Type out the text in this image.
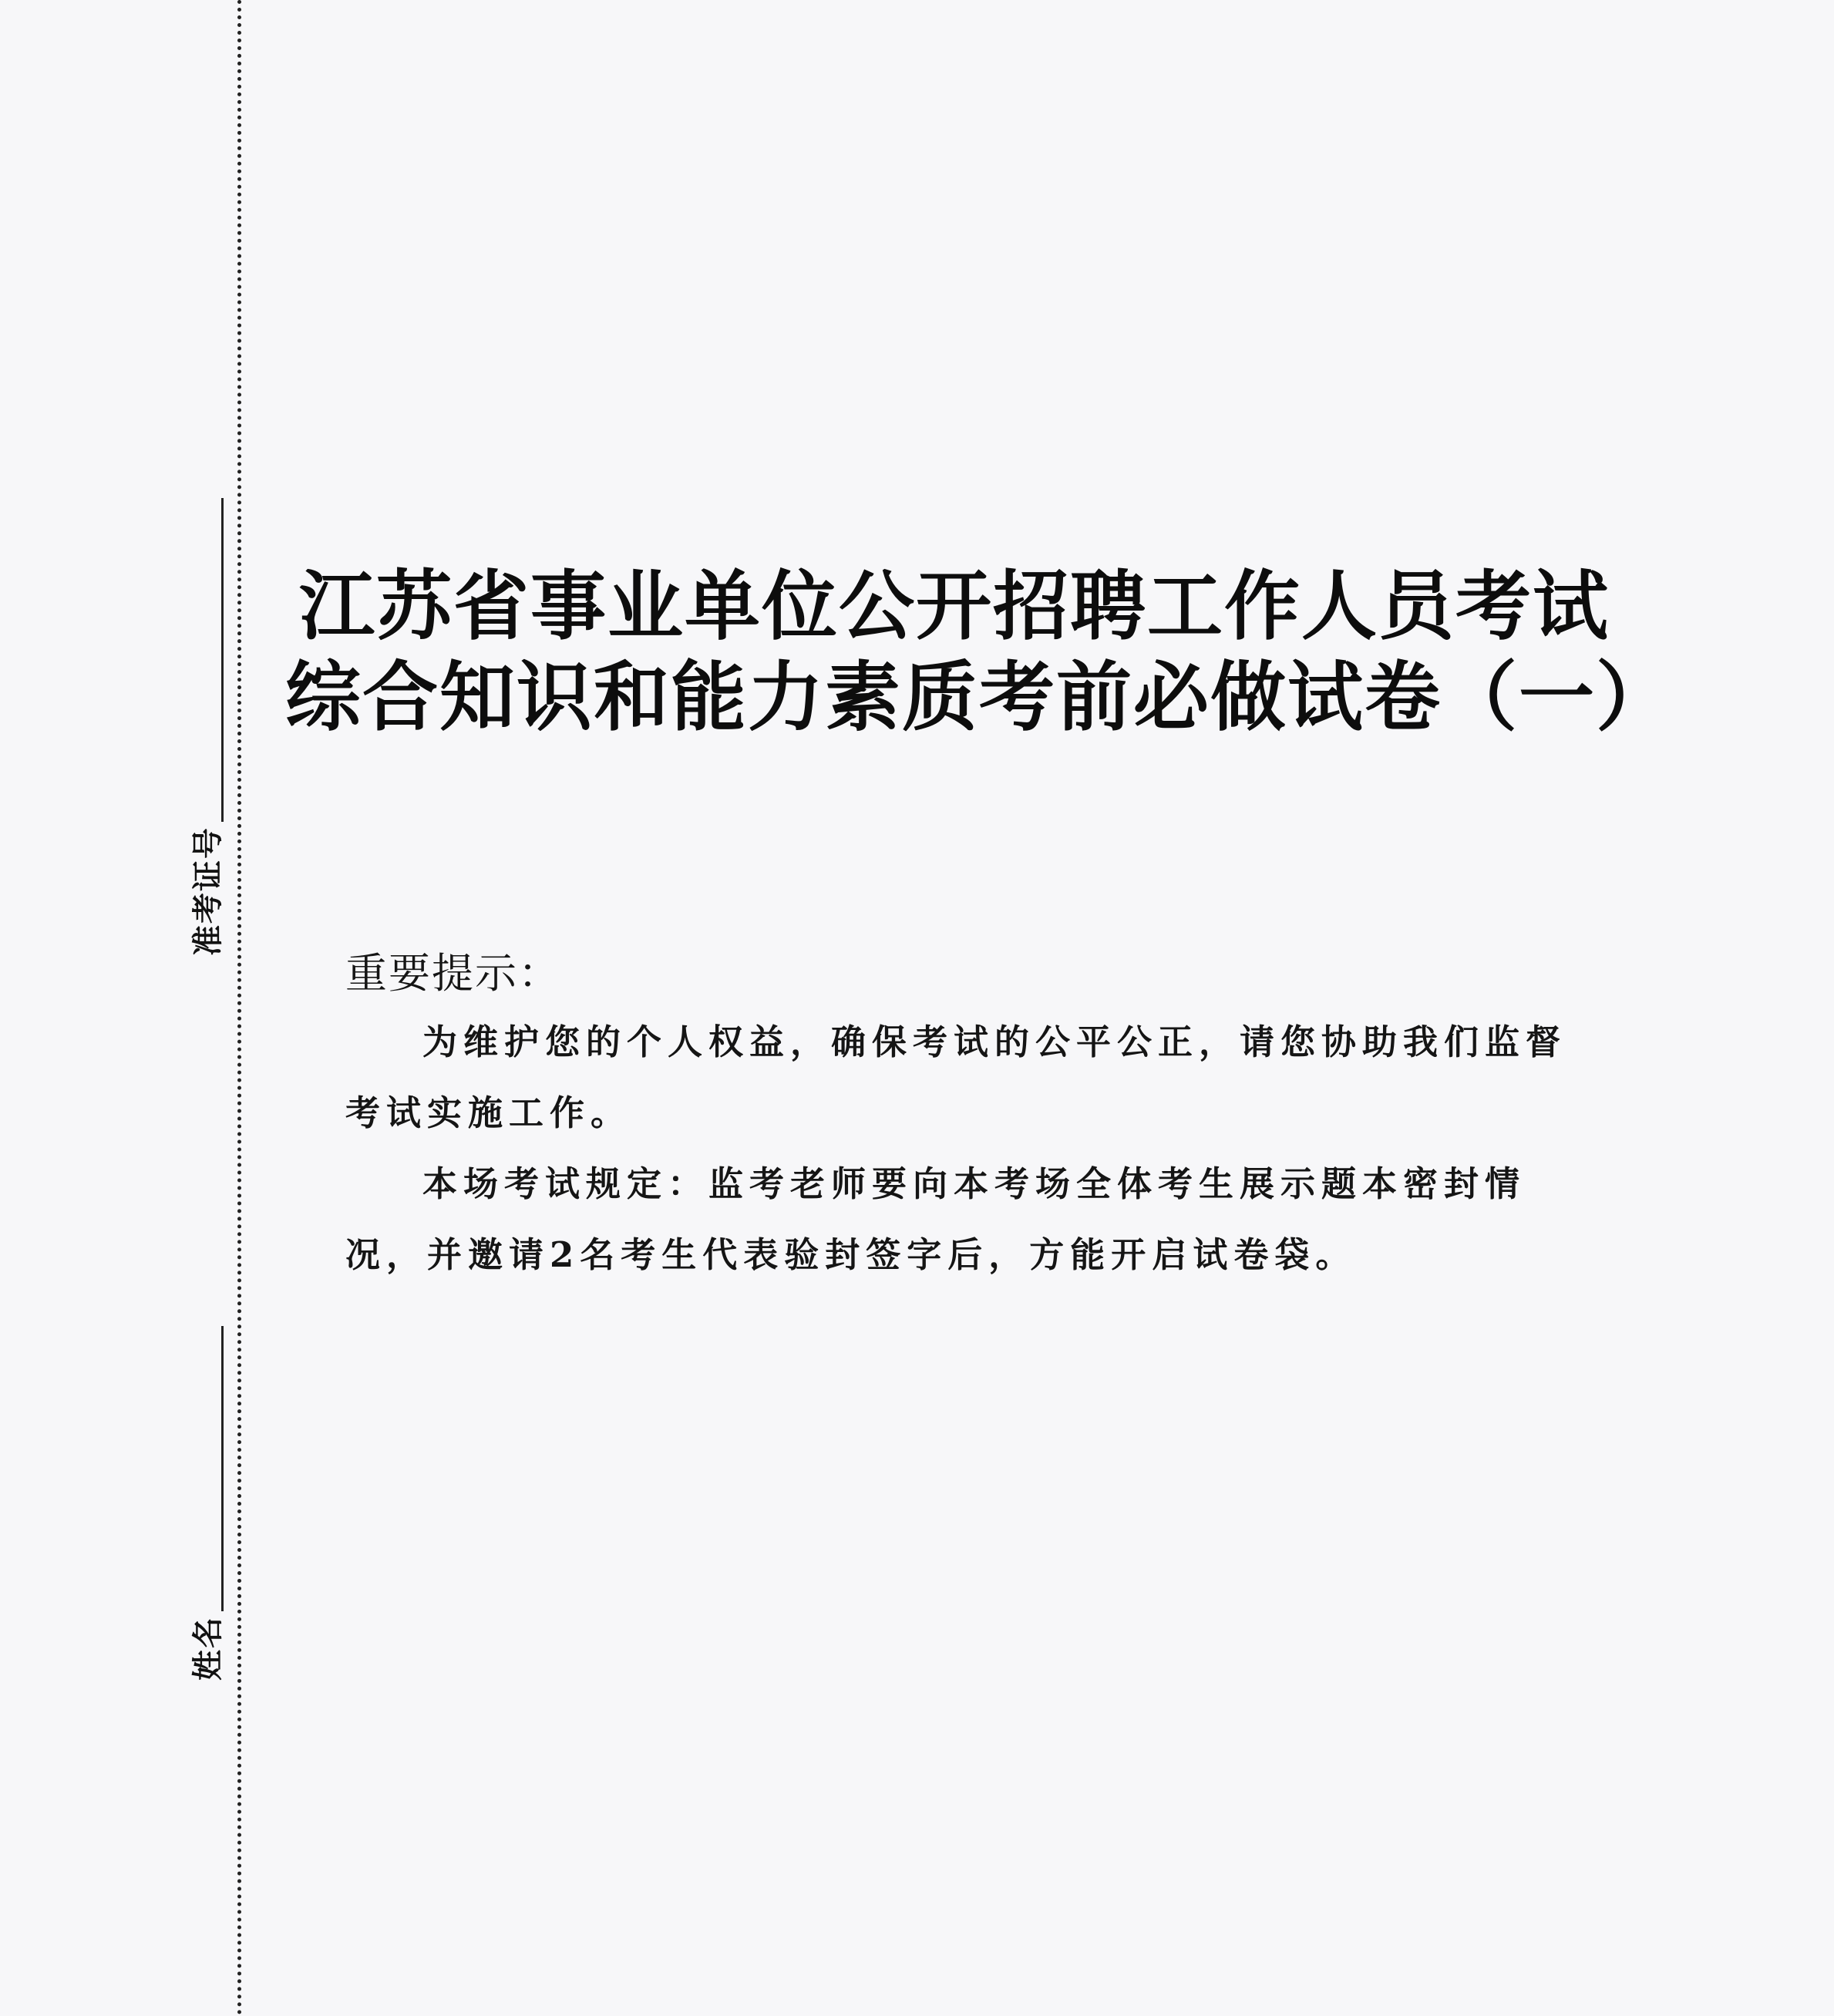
准考证号
姓名
江苏省事业单位公开招聘工作人员考试
综合知识和能力素质考前必做试卷（一）
重要提示：

为维护您的个人权益，确保考试的公平公正，请您协助我们监督考试实施工作。

本场考试规定：监考老师要向本考场全体考生展示题本密封情况，并邀请2名考生代表验封签字后，方能开启试卷袋。
